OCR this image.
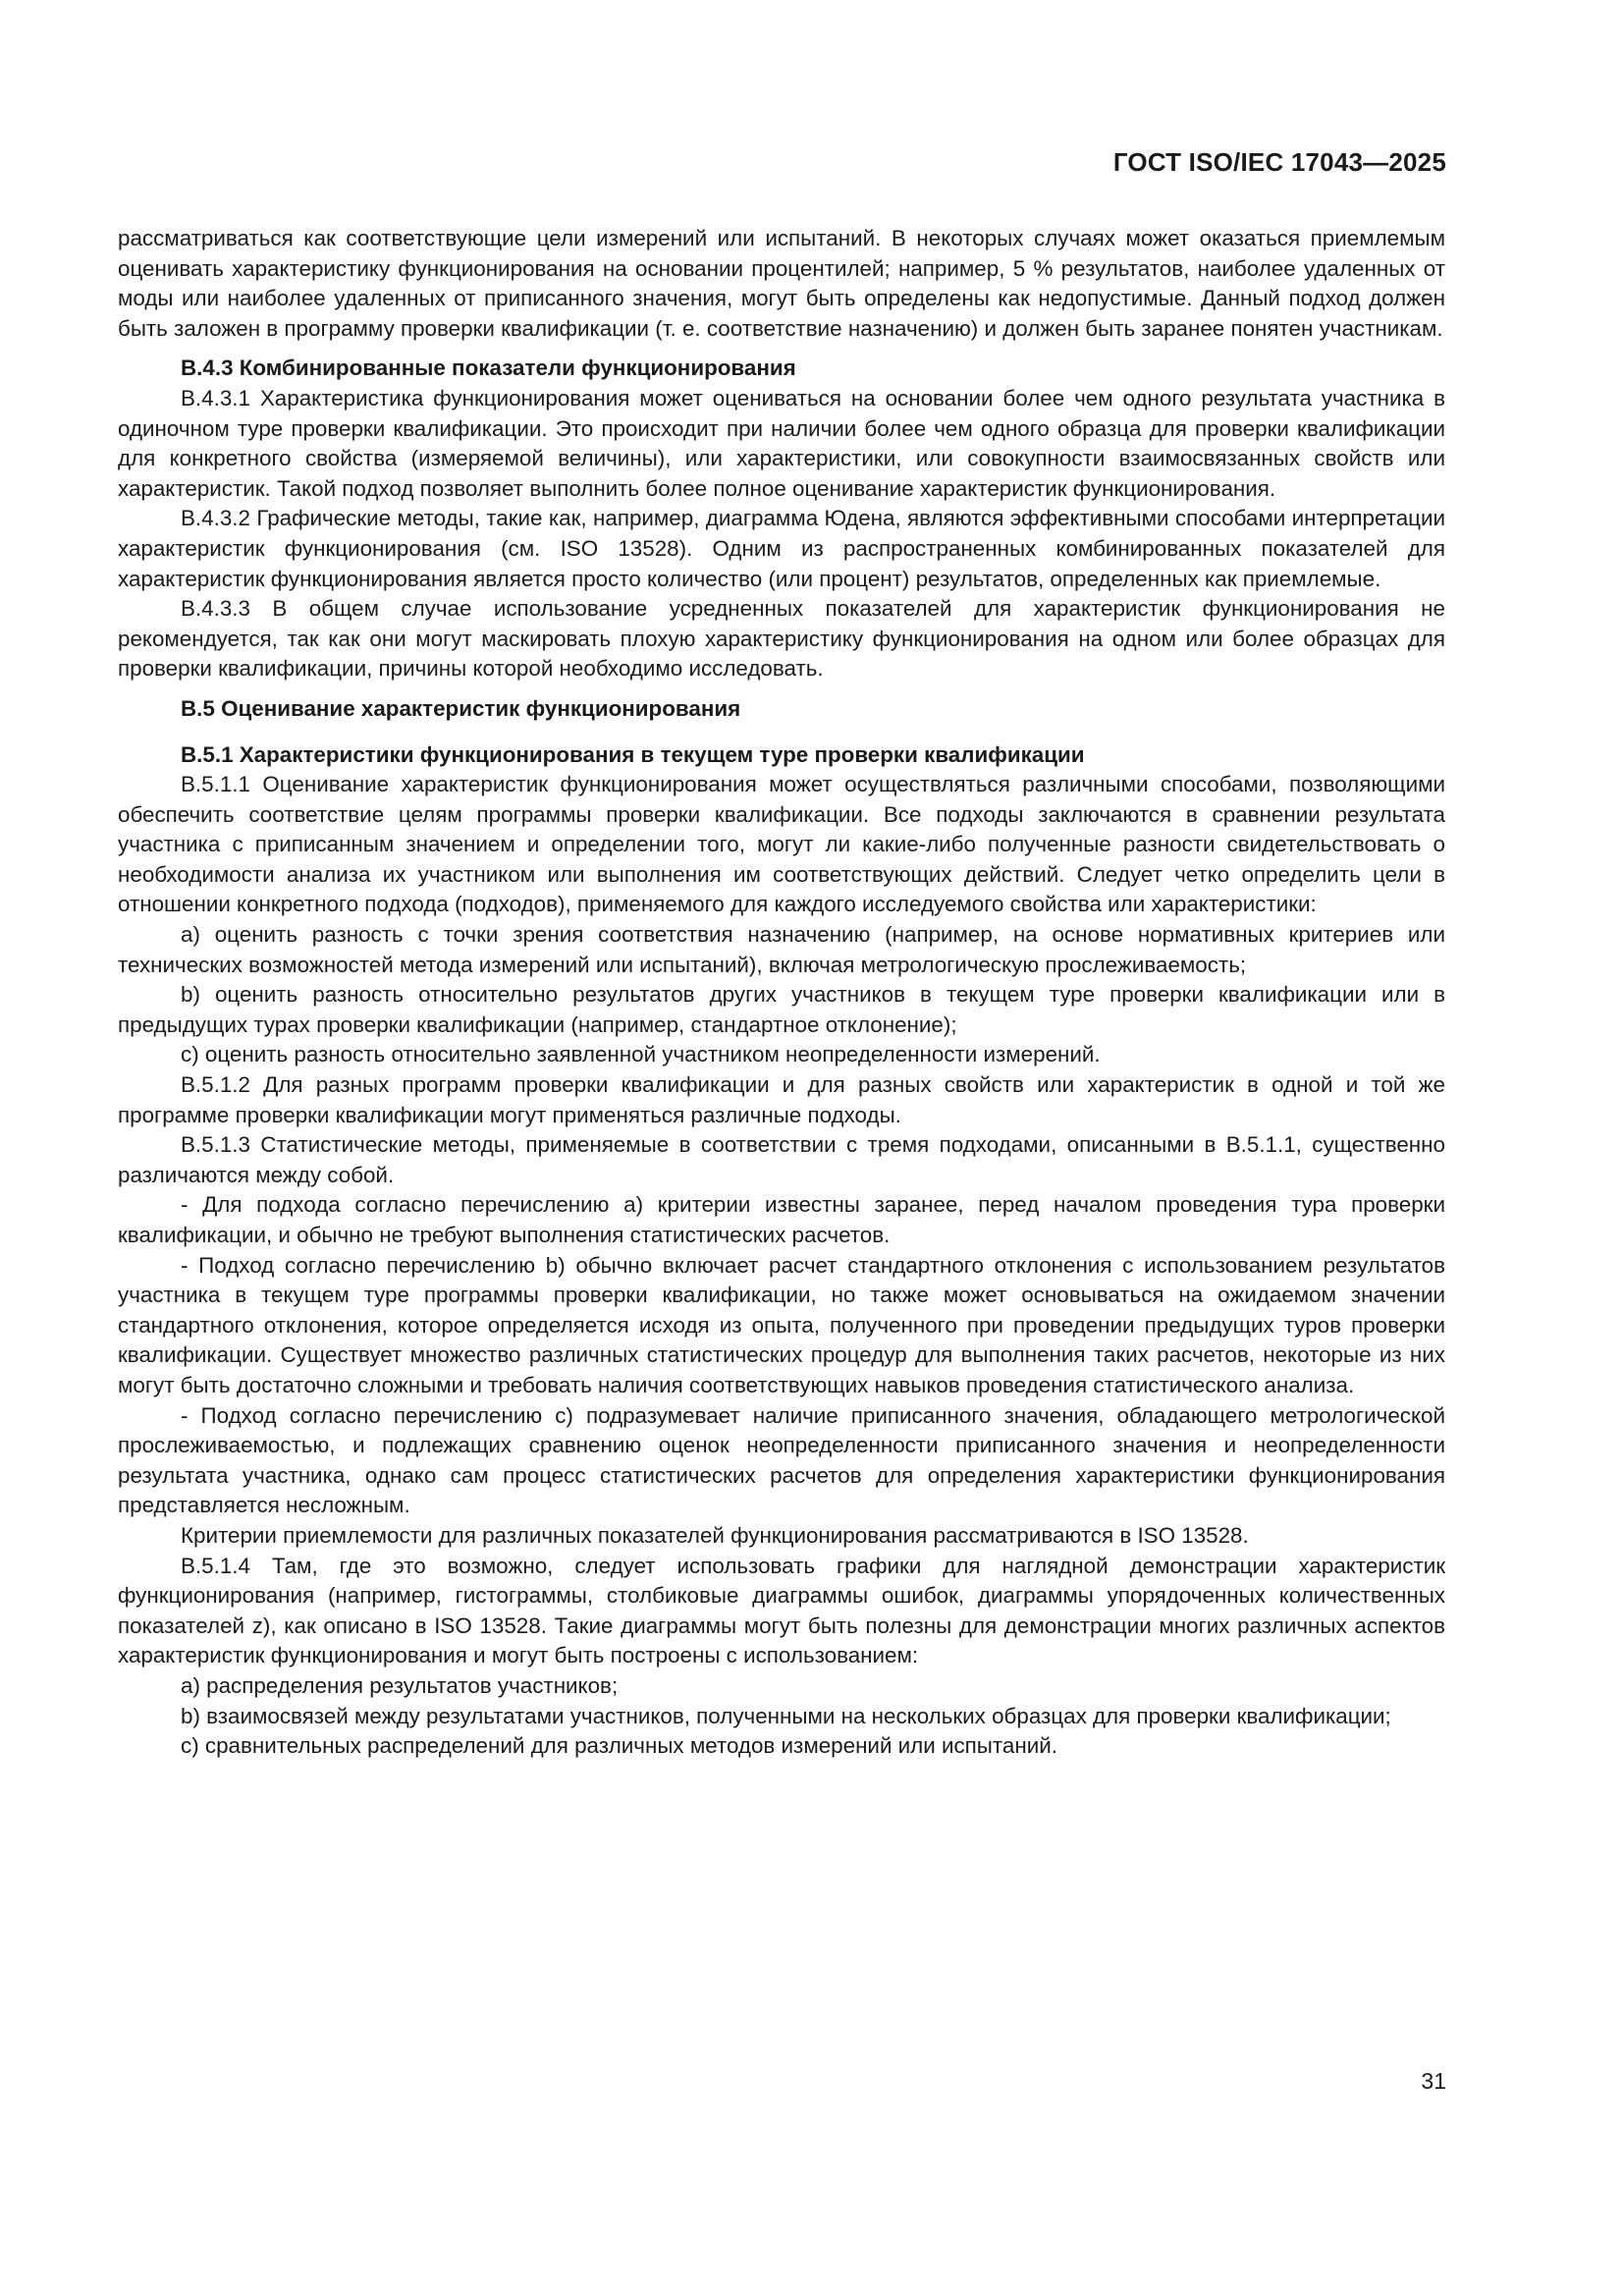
ГОСТ ISO/IEC 17043—2025

рассматриваться как соответствующие цели измерений или испытаний. В некоторых случаях может оказаться приемлемым оценивать характеристику функционирования на основании процентилей; например, 5 % результатов, наиболее удаленных от моды или наиболее удаленных от приписанного значения, могут быть определены как недопустимые. Данный подход должен быть заложен в программу проверки квалификации (т. е. соответствие назначению) и должен быть заранее понятен участникам.

B.4.3 Комбинированные показатели функционирования

B.4.3.1 Характеристика функционирования может оцениваться на основании более чем одного результата участника в одиночном туре проверки квалификации. Это происходит при наличии более чем одного образца для проверки квалификации для конкретного свойства (измеряемой величины), или характеристики, или совокупности взаимосвязанных свойств или характеристик. Такой подход позволяет выполнить более полное оценивание характеристик функционирования.

B.4.3.2 Графические методы, такие как, например, диаграмма Юдена, являются эффективными способами интерпретации характеристик функционирования (см. ISO 13528). Одним из распространенных комбинированных показателей для характеристик функционирования является просто количество (или процент) результатов, определенных как приемлемые.

B.4.3.3 В общем случае использование усредненных показателей для характеристик функционирования не рекомендуется, так как они могут маскировать плохую характеристику функционирования на одном или более образцах для проверки квалификации, причины которой необходимо исследовать.

B.5 Оценивание характеристик функционирования
B.5.1 Характеристики функционирования в текущем туре проверки квалификации

B.5.1.1 Оценивание характеристик функционирования может осуществляться различными способами, позволяющими обеспечить соответствие целям программы проверки квалификации. Все подходы заключаются в сравнении результата участника с приписанным значением и определении того, могут ли какие-либо полученные разности свидетельствовать о необходимости анализа их участником или выполнения им соответствующих действий. Следует четко определить цели в отношении конкретного подхода (подходов), применяемого для каждого исследуемого свойства или характеристики:

a) оценить разность с точки зрения соответствия назначению (например, на основе нормативных критериев или технических возможностей метода измерений или испытаний), включая метрологическую прослеживаемость;

b) оценить разность относительно результатов других участников в текущем туре проверки квалификации или в предыдущих турах проверки квалификации (например, стандартное отклонение);

c) оценить разность относительно заявленной участником неопределенности измерений.

B.5.1.2 Для разных программ проверки квалификации и для разных свойств или характеристик в одной и той же программе проверки квалификации могут применяться различные подходы.

B.5.1.3 Статистические методы, применяемые в соответствии с тремя подходами, описанными в B.5.1.1, существенно различаются между собой.

- Для подхода согласно перечислению a) критерии известны заранее, перед началом проведения тура проверки квалификации, и обычно не требуют выполнения статистических расчетов.

- Подход согласно перечислению b) обычно включает расчет стандартного отклонения с использованием результатов участника в текущем туре программы проверки квалификации, но также может основываться на ожидаемом значении стандартного отклонения, которое определяется исходя из опыта, полученного при проведении предыдущих туров проверки квалификации. Существует множество различных статистических процедур для выполнения таких расчетов, некоторые из них могут быть достаточно сложными и требовать наличия соответствующих навыков проведения статистического анализа.

- Подход согласно перечислению c) подразумевает наличие приписанного значения, обладающего метрологической прослеживаемостью, и подлежащих сравнению оценок неопределенности приписанного значения и неопределенности результата участника, однако сам процесс статистических расчетов для определения характеристики функционирования представляется несложным.

Критерии приемлемости для различных показателей функционирования рассматриваются в ISO 13528.

B.5.1.4 Там, где это возможно, следует использовать графики для наглядной демонстрации характеристик функционирования (например, гистограммы, столбиковые диаграммы ошибок, диаграммы упорядоченных количественных показателей z), как описано в ISO 13528. Такие диаграммы могут быть полезны для демонстрации многих различных аспектов характеристик функционирования и могут быть построены с использованием:

a) распределения результатов участников;

b) взаимосвязей между результатами участников, полученными на нескольких образцах для проверки квалификации;

c) сравнительных распределений для различных методов измерений или испытаний.

31
